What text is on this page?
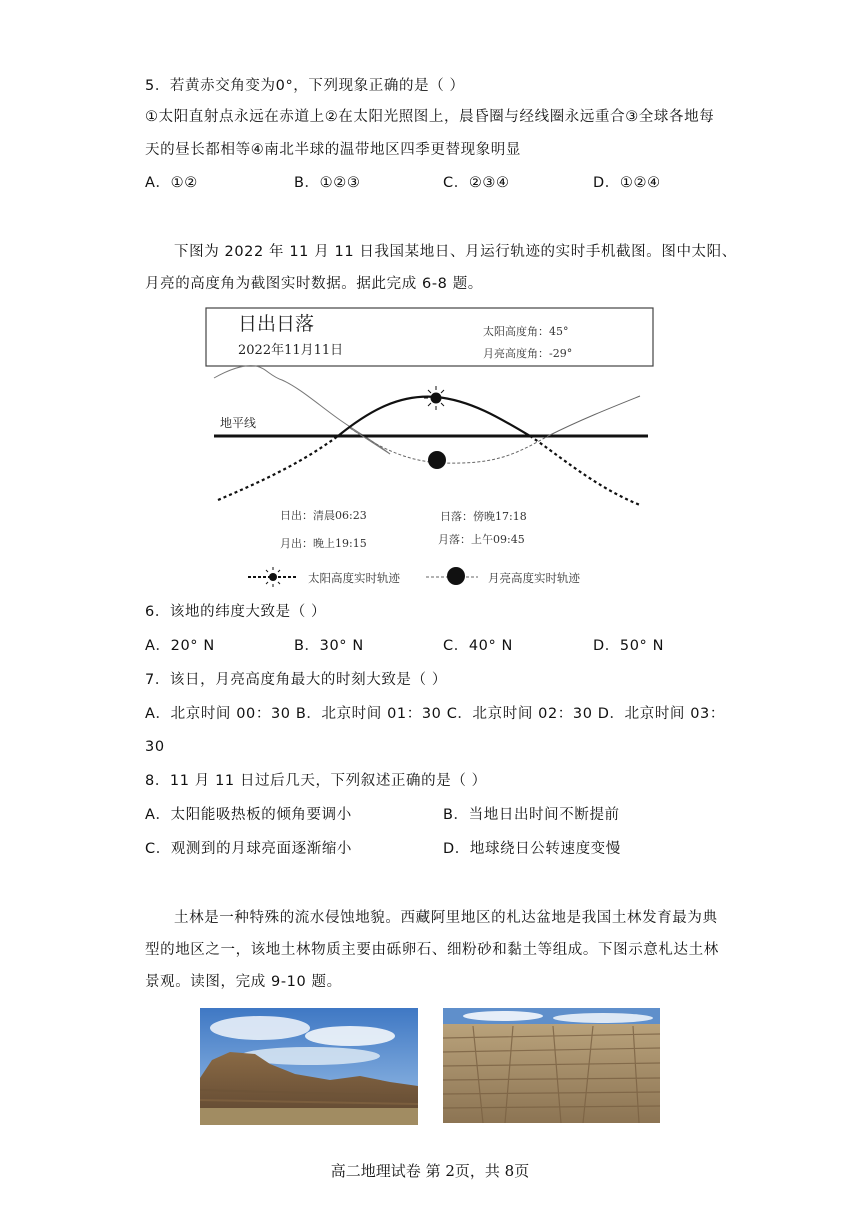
5．若黄赤交角变为0°，下列现象正确的是（ ）
①太阳直射点永远在赤道上②在太阳光照图上，晨昏圈与经线圈永远重合③全球各地每
天的昼长都相等④南北半球的温带地区四季更替现象明显
A．①②	B．①②③	C．②③④	D．①②④
下图为 2022 年 11 月 11 日我国某地日、月运行轨迹的实时手机截图。图中太阳、
月亮的高度角为截图实时数据。据此完成 6-8 题。
日出日落
2022年11月11日
太阳高度角：45°
月亮高度角：-29°
地平线
日出：清晨06:23	日落：傍晚17:18
月出：晚上19:15	月落：上午09:45
太阳高度实时轨迹	月亮高度实时轨迹
6．该地的纬度大致是（ ）
A．20° N	B．30° N	C．40° N	D．50° N
7．该日，月亮高度角最大的时刻大致是（ ）
A．北京时间 00：30 B．北京时间 01：30 C．北京时间 02：30 D．北京时间 03：
30
8．11 月 11 日过后几天，下列叙述正确的是（ ）
A．太阳能吸热板的倾角要调小	B．当地日出时间不断提前
C．观测到的月球亮面逐渐缩小	D．地球绕日公转速度变慢
土林是一种特殊的流水侵蚀地貌。西藏阿里地区的札达盆地是我国土林发育最为典
型的地区之一，该地土林物质主要由砾卵石、细粉砂和黏土等组成。下图示意札达土林
景观。读图，完成 9-10 题。
高二地理试卷 第 2页，共 8页
